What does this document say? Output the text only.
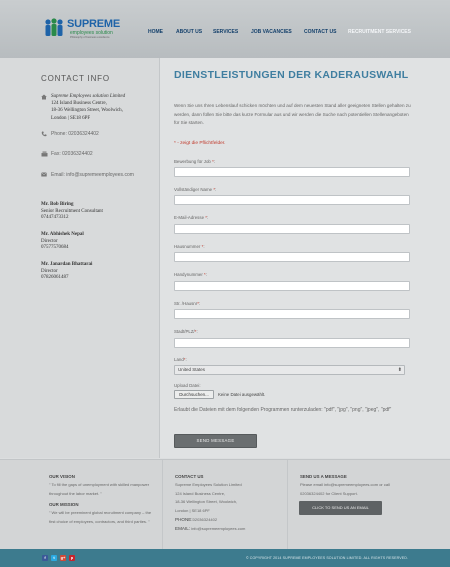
SUPREME
employees solution
Philosophy of business excellence
HOME	ABOUT US SERVICES	JOB VACANCIES CONTACT US RECRUITMENT SERVICES
CONTACT INFO
Supreme Employees solution Limited
124 Island Business Centre,
18-36 Wellington Street, Woolwich,
London | SE18 6PF
Phone: 02036324402
Fax: 02036324402
Email: info@supremeemployees.com
Mr. Bob Biring
Senior Recruitment Consultant
07447473312
Mr. Abhishek Nepal
Director
07577570684
Mr. Janardan Bhattarai
Director
07826061487
DIENSTLEISTUNGEN DER KADERAUSWAHL

Wenn Sie uns Ihren Lebenslauf schicken möchten und auf dem neuesten Stand aller geeigneten Stellen gehalten zu werden, dann füllen Sie bitte das kurze Formular aus und wir werden die Suche nach potentiellen Stellenangeboten für Sie starten.

* - zeigt die Pflichtfelder.
Bewerbung für Job *:
Vollständiger Name *:
E-Mail-Adresse *:
Hausnummer *:
Handynummer *:
Str. /Hausnr*:
Stadt/PLZ/*:
Land*:
United States	⬍
Upload Datei:
Durchsuchen...	Keine Datei ausgewählt.

Erlaubt die Dateien mit dem folgenden Programmen runterzuladen: "pdf", "jpg", "png", "jpeg", "pdf"

SEND MESSAGE
OUR VISION
" To fill the gaps of unemployment with skilled manpower throughout the labor market. "
OUR MISSION
" We will be preeminent global recruitment company – the first choice of employees, contractors, and third parties. "
CONTACT US
Supreme Employees Solution Limited
124 Island Business Centre,
18-36 Wellington Street, Woolwich,
London | SE18 6PF
PHONE:02036324402
EMAIL: info@supremeemployees.com
SEND US A MESSAGE
Please email info@supremeemployees.com or call 02036324402 for Client Support.
CLICK TO SEND US AN EMAIL
f	t	g+	p	© COPYRIGHT 2014 SUPREME EMPLOYEES SOLUTION LIMITED. ALL RIGHTS RESERVED.
